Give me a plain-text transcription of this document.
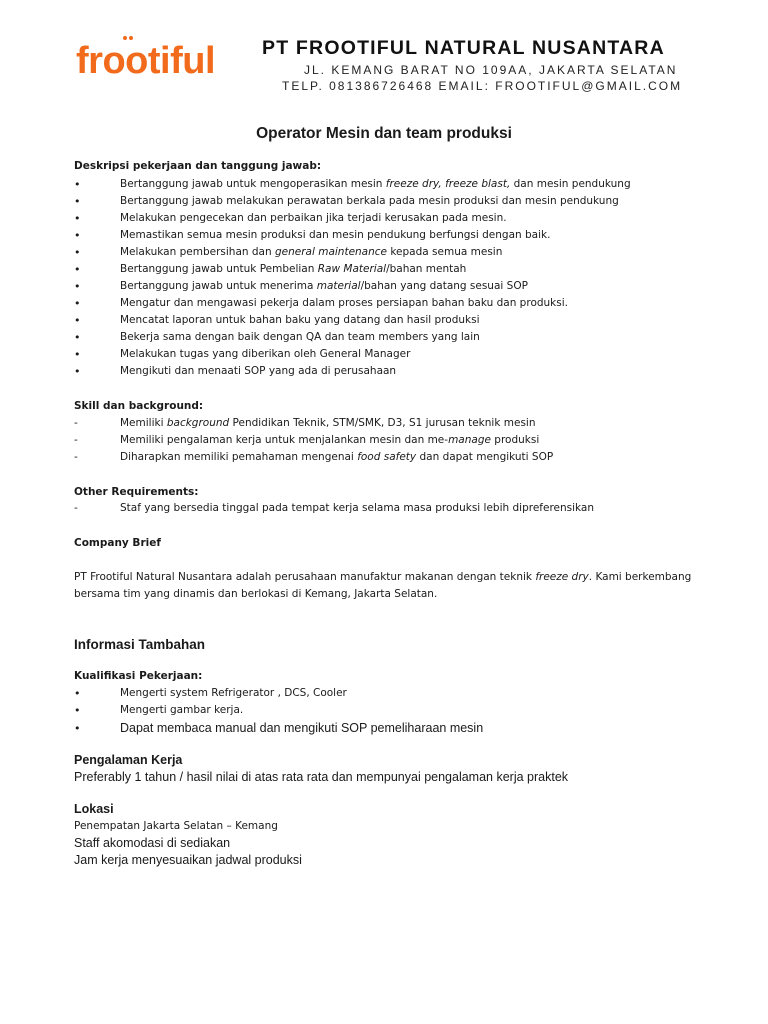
frootiful PT FROOTIFUL NATURAL NUSANTARA
JL. KEMANG BARAT NO 109AA, JAKARTA SELATAN
TELP. 081386726468 EMAIL: FROOTIFUL@GMAIL.COM
Operator Mesin dan team produksi
Deskripsi pekerjaan dan tanggung jawab:
•	Bertanggung jawab untuk mengoperasikan mesin freeze dry, freeze blast, dan mesin pendukung
•	Bertanggung jawab melakukan perawatan berkala pada mesin produksi dan mesin pendukung
•	Melakukan pengecekan dan perbaikan jika terjadi kerusakan pada mesin.
•	Memastikan semua mesin produksi dan mesin pendukung berfungsi dengan baik.
•	Melakukan pembersihan dan general maintenance kepada semua mesin
•	Bertanggung jawab untuk Pembelian Raw Material/bahan mentah
•	Bertanggung jawab untuk menerima material/bahan yang datang sesuai SOP
•	Mengatur dan mengawasi pekerja dalam proses persiapan bahan baku dan produksi.
•	Mencatat laporan untuk bahan baku yang datang dan hasil produksi
•	Bekerja sama dengan baik dengan QA dan team members yang lain
•	Melakukan tugas yang diberikan oleh General Manager
•	Mengikuti dan menaati SOP yang ada di perusahaan
Skill dan background:
-	Memiliki background Pendidikan Teknik, STM/SMK, D3, S1 jurusan teknik mesin
-	Memiliki pengalaman kerja untuk menjalankan mesin dan me-manage produksi
-	Diharapkan memiliki pemahaman mengenai food safety dan dapat mengikuti SOP
Other Requirements:
-	Staf yang bersedia tinggal pada tempat kerja selama masa produksi lebih dipreferensikan
Company Brief
PT Frootiful Natural Nusantara adalah perusahaan manufaktur makanan dengan teknik freeze dry. Kami berkembang bersama tim yang dinamis dan berlokasi di Kemang, Jakarta Selatan.
Informasi Tambahan
Kualifikasi Pekerjaan:
•	Mengerti system Refrigerator , DCS, Cooler
•	Mengerti gambar kerja.
•	Dapat membaca manual dan mengikuti SOP pemeliharaan mesin
Pengalaman Kerja
Preferably 1 tahun / hasil nilai di atas rata rata dan mempunyai pengalaman kerja praktek
Lokasi
Penempatan Jakarta Selatan – Kemang
Staff akomodasi di sediakan
Jam kerja menyesuaikan jadwal produksi
